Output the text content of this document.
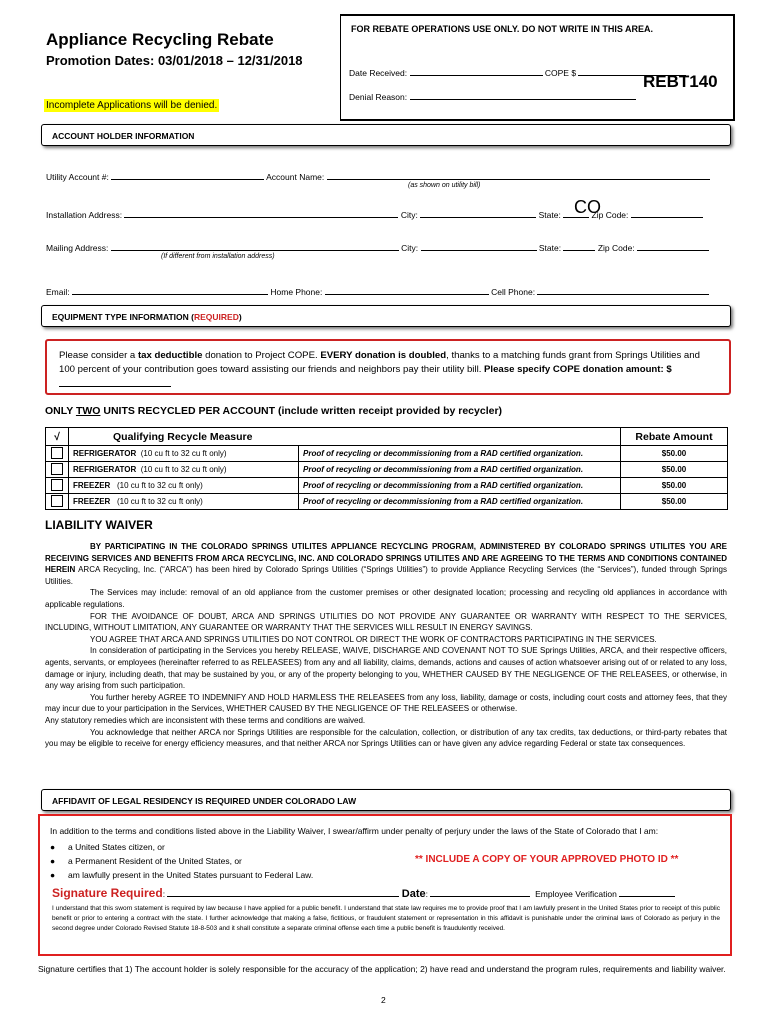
Appliance Recycling Rebate
Promotion Dates: 03/01/2018 – 12/31/2018
FOR REBATE OPERATIONS USE ONLY. DO NOT WRITE IN THIS AREA.
Date Received:	COPE $
Denial Reason:
REBT140
Incomplete Applications will be denied.
ACCOUNT HOLDER INFORMATION
Utility Account #:	Account Name:
(as shown on utility bill)
Installation Address:	City:	State:	Zip Code:
CO
Mailing Address:	City:	State:	Zip Code:
(If different from installation address)
Email:	Home Phone:	Cell Phone:
EQUIPMENT TYPE INFORMATION (REQUIRED)
Please consider a tax deductible donation to Project COPE. EVERY donation is doubled, thanks to a matching funds grant from Springs Utilities and 100 percent of your contribution goes toward assisting our friends and neighbors pay their utility bill. Please specify COPE donation amount: $
ONLY TWO UNITS RECYCLED PER ACCOUNT (include written receipt provided by recycler)
√	Qualifying Recycle Measure		Rebate Amount
	REFRIGERATOR (10 cu ft to 32 cu ft only)	Proof of recycling or decommissioning from a RAD certified organization.	$50.00
	REFRIGERATOR (10 cu ft to 32 cu ft only)	Proof of recycling or decommissioning from a RAD certified organization.	$50.00
	FREEZER (10 cu ft to 32 cu ft only)	Proof of recycling or decommissioning from a RAD certified organization.	$50.00
	FREEZER (10 cu ft to 32 cu ft only)	Proof of recycling or decommissioning from a RAD certified organization.	$50.00
LIABILITY WAIVER

BY PARTICIPATING IN THE COLORADO SPRINGS UTILITES APPLIANCE RECYCLING PROGRAM, ADMINISTERED BY COLORADO SPRINGS UTILITES YOU ARE RECEIVING SERVICES AND BENEFITS FROM ARCA RECYCLING, INC. AND COLORADO SPRINGS UTILITES AND ARE AGREEING TO THE TERMS AND CONDITIONS CONTAINED HEREIN ARCA Recycling, Inc. (“ARCA”) has been hired by Colorado Springs Utilities (“Springs Utilities”) to provide Appliance Recycling Services (the “Services”), funded through Springs Utilities.

The Services may include: removal of an old appliance from the customer premises or other designated location; processing and recycling old appliances in accordance with applicable regulations.

FOR THE AVOIDANCE OF DOUBT, ARCA AND SPRINGS UTILITIES DO NOT PROVIDE ANY GUARANTEE OR WARRANTY WITH RESPECT TO THE SERVICES, INCLUDING, WITHOUT LIMITATION, ANY GUARANTEE OR WARRANTY THAT THE SERVICES WILL RESULT IN ENERGY SAVINGS.

YOU AGREE THAT ARCA AND SPRINGS UTILITIES DO NOT CONTROL OR DIRECT THE WORK OF CONTRACTORS PARTICIPATING IN THE SERVICES.

In consideration of participating in the Services you hereby RELEASE, WAIVE, DISCHARGE AND COVENANT NOT TO SUE Springs Utilities, ARCA, and their respective officers, agents, servants, or employees (hereinafter referred to as RELEASEES) from any and all liability, claims, demands, actions and causes of action whatsoever arising out of or related to any loss, damage or injury, including death, that may be sustained by you, or any of the property belonging to you, WHETHER CAUSED BY THE NEGLIGENCE OF THE RELEASEES, or otherwise, in any way arising from such participation.

You further hereby AGREE TO INDEMNIFY AND HOLD HARMLESS THE RELEASEES from any loss, liability, damage or costs, including court costs and attorney fees, that they may incur due to your participation in the Services, WHETHER CAUSED BY THE NEGLIGENCE OF THE RELEASEES or otherwise.

Any statutory remedies which are inconsistent with these terms and conditions are waived.

You acknowledge that neither ARCA nor Springs Utilities are responsible for the calculation, collection, or distribution of any tax credits, tax deductions, or third-party rebates that you may be eligible to receive for energy efficiency measures, and that neither ARCA nor Springs Utilities can or have given any advice regarding Federal or state tax consequences.

AFFIDAVIT OF LEGAL RESIDENCY IS REQUIRED UNDER COLORADO LAW
In addition to the terms and conditions listed above in the Liability Waiver, I swear/affirm under penalty of perjury under the laws of the State of Colorado that I am:
● a United States citizen, or
● a Permanent Resident of the United States, or
● am lawfully present in the United States pursuant to Federal Law.
** INCLUDE A COPY OF YOUR APPROVED PHOTO ID **
Signature Required:	Date:	Employee Verification
I understand that this sworn statement is required by law because I have applied for a public benefit. I understand that state law requires me to provide proof that I am lawfully present in the United States prior to receipt of this public benefit or prior to entering a contract with the state. I further acknowledge that making a false, fictitious, or fraudulent statement or representation in this affidavit is punishable under the criminal laws of Colorado as perjury in the second degree under Colorado Revised Statute 18-8-503 and it shall constitute a separate criminal offense each time a public benefit is fraudulently received.
Signature certifies that 1) The account holder is solely responsible for the accuracy of the application; 2) have read and understand the program rules, requirements and liability waiver.
2
